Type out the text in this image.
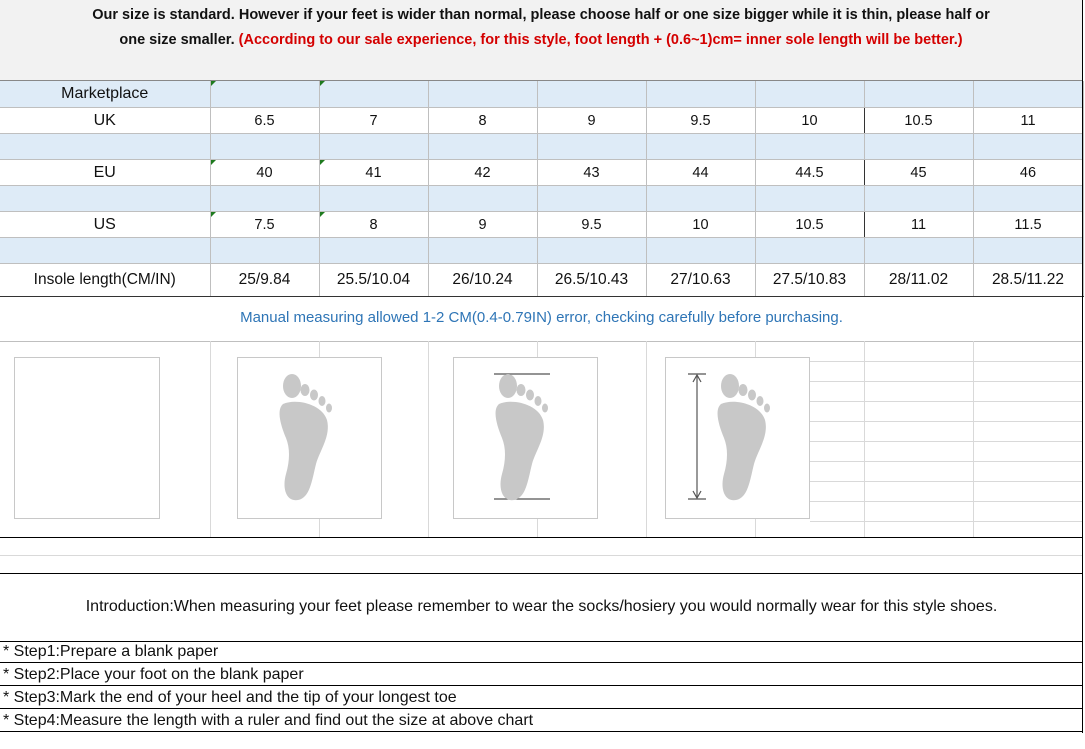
Our size is standard. However if your feet is wider than normal, please choose half or one size bigger while it is thin, please half or
one size smaller. (According to our sale experience, for this style, foot length + (0.6~1)cm= inner sole length will be better.)
Marketplace								
UK	6.5	7	8	9	9.5	10	10.5	11

EU	40	41	42	43	44	44.5	45	46

US	7.5	8	9	9.5	10	10.5	11	11.5

Insole length(CM/IN)	25/9.84	25.5/10.04	26/10.24	26.5/10.43	27/10.63	27.5/10.83	28/11.02	28.5/11.22
Manual measuring allowed 1-2 CM(0.4-0.79IN) error, checking carefully before purchasing.
Introduction:When measuring your feet please remember to wear the socks/hosiery you would normally wear for this style shoes.
* Step1:Prepare a blank paper
* Step2:Place your foot on the blank paper
* Step3:Mark the end of your heel and the tip of your longest toe
* Step4:Measure the length with a ruler and find out the size at above chart
